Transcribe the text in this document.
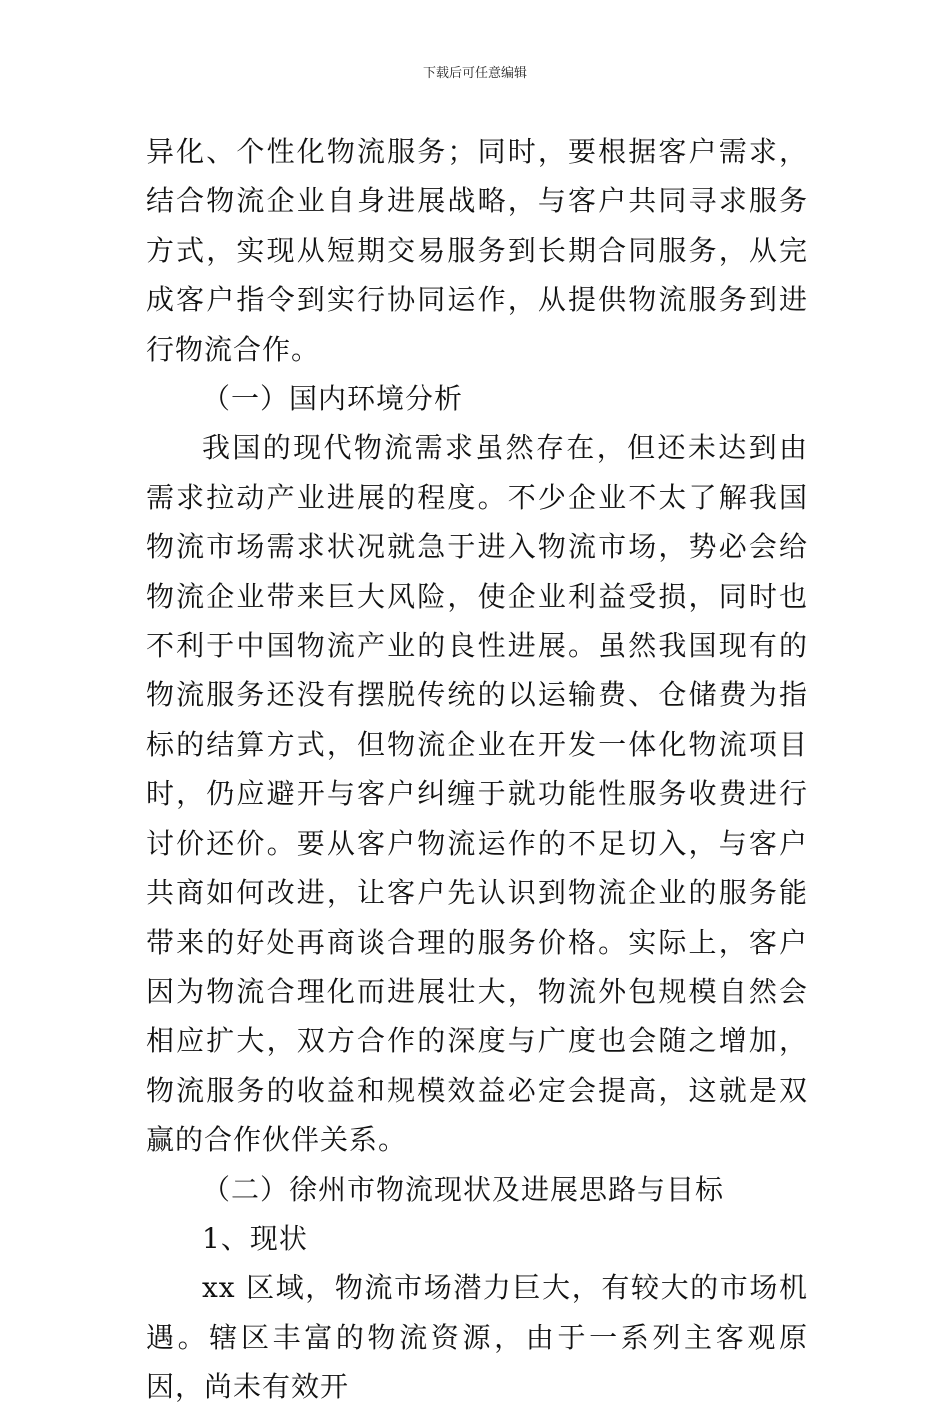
下载后可任意编辑

异化、个性化物流服务；同时，要根据客户需求，结合物流企业自身进展战略，与客户共同寻求服务方式，实现从短期交易服务到长期合同服务，从完成客户指令到实行协同运作，从提供物流服务到进行物流合作。

（一）国内环境分析

我国的现代物流需求虽然存在，但还未达到由需求拉动产业进展的程度。不少企业不太了解我国物流市场需求状况就急于进入物流市场，势必会给物流企业带来巨大风险，使企业利益受损，同时也不利于中国物流产业的良性进展。虽然我国现有的物流服务还没有摆脱传统的以运输费、仓储费为指标的结算方式，但物流企业在开发一体化物流项目时，仍应避开与客户纠缠于就功能性服务收费进行讨价还价。要从客户物流运作的不足切入，与客户共商如何改进，让客户先认识到物流企业的服务能带来的好处再商谈合理的服务价格。实际上，客户因为物流合理化而进展壮大，物流外包规模自然会相应扩大，双方合作的深度与广度也会随之增加，物流服务的收益和规模效益必定会提高，这就是双赢的合作伙伴关系。

（二）徐州市物流现状及进展思路与目标

1、现状

xx 区域，物流市场潜力巨大，有较大的市场机遇。辖区丰富的物流资源，由于一系列主客观原因，尚未有效开
